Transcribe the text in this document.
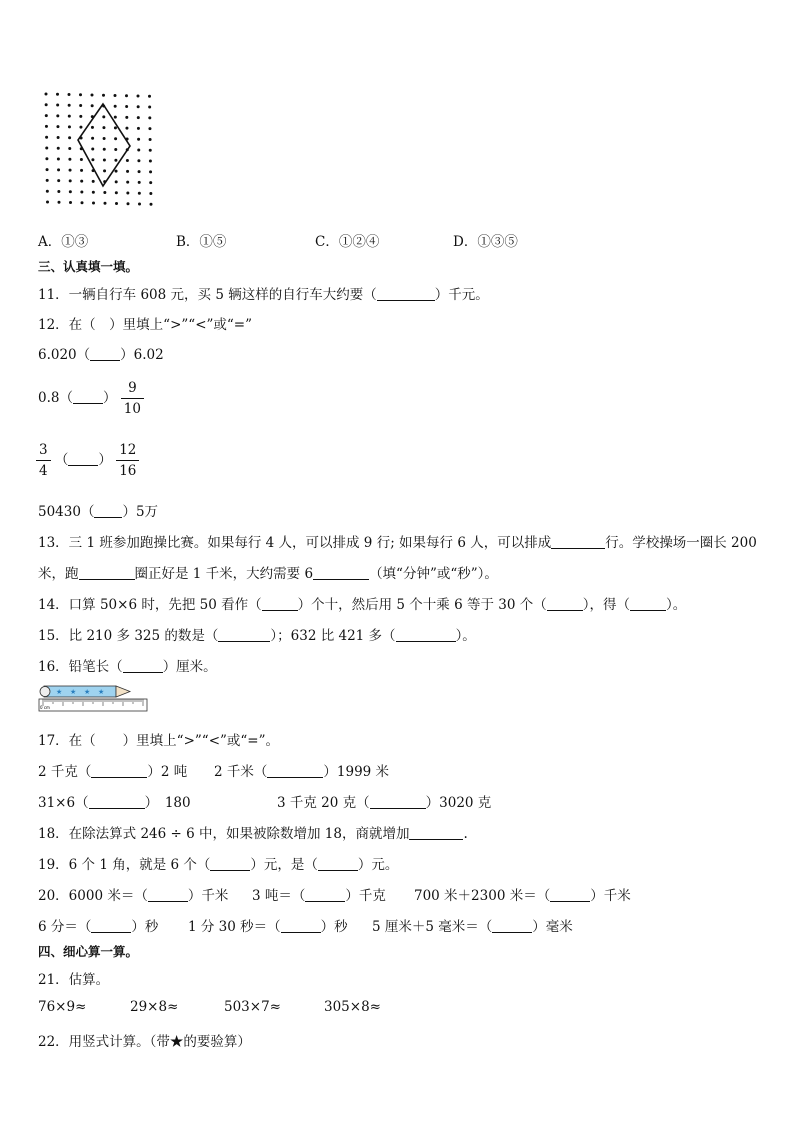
A．①③	B．①⑤	C．①②④	D．①③⑤
三、认真填一填。
11．一辆自行车 608 元，买 5 辆这样的自行车大约要（	）千元。
12．在（　）里填上“>”“<”或“=”
6.020（ ）6.02
0.8（ ） $\frac{9}{10}$
$\frac{3}{4}$ （ ） $\frac{12}{16}$
50430（ ）5万
13．三 1 班参加跑操比赛。如果每行 4 人，可以排成 9 行; 如果每行 6 人，可以排成	行。学校操场一圈长 200
米，跑	圈正好是 1 千米，大约需要 6	（填“分钟”或“秒”）。
14．口算 50×6 时，先把 50 看作（	）个十，然后用 5 个十乘 6 等于 30 个（	），得（	）。
15．比 210 多 325 的数是（	）；632 比 421 多（	）。
16．铅笔长（	）厘米。
★ ★ ★ ★
0 cm
17．在（　　）里填上“>”“<”或“=”。
2 千克（	）2 吨 2 千米（	）1999 米
31×6（	）　180	3 千克 20 克（	）3020 克
18．在除法算式 246 ÷ 6 中，如果被除数增加 18，商就增加	.
19．6 个 1 角，就是 6 个（	）元，是（	）元。
20．6000 米＝（	）千米 3 吨＝（	）千克 700 米＋2300 米＝（	）千米
6 分＝（	）秒 1 分 30 秒＝（	）秒 5 厘米＋5 毫米＝（	）毫米
四、细心算一算。
21．估算。
76×9≈	29×8≈	503×7≈	305×8≈
22．用竖式计算。（带★的要验算）
